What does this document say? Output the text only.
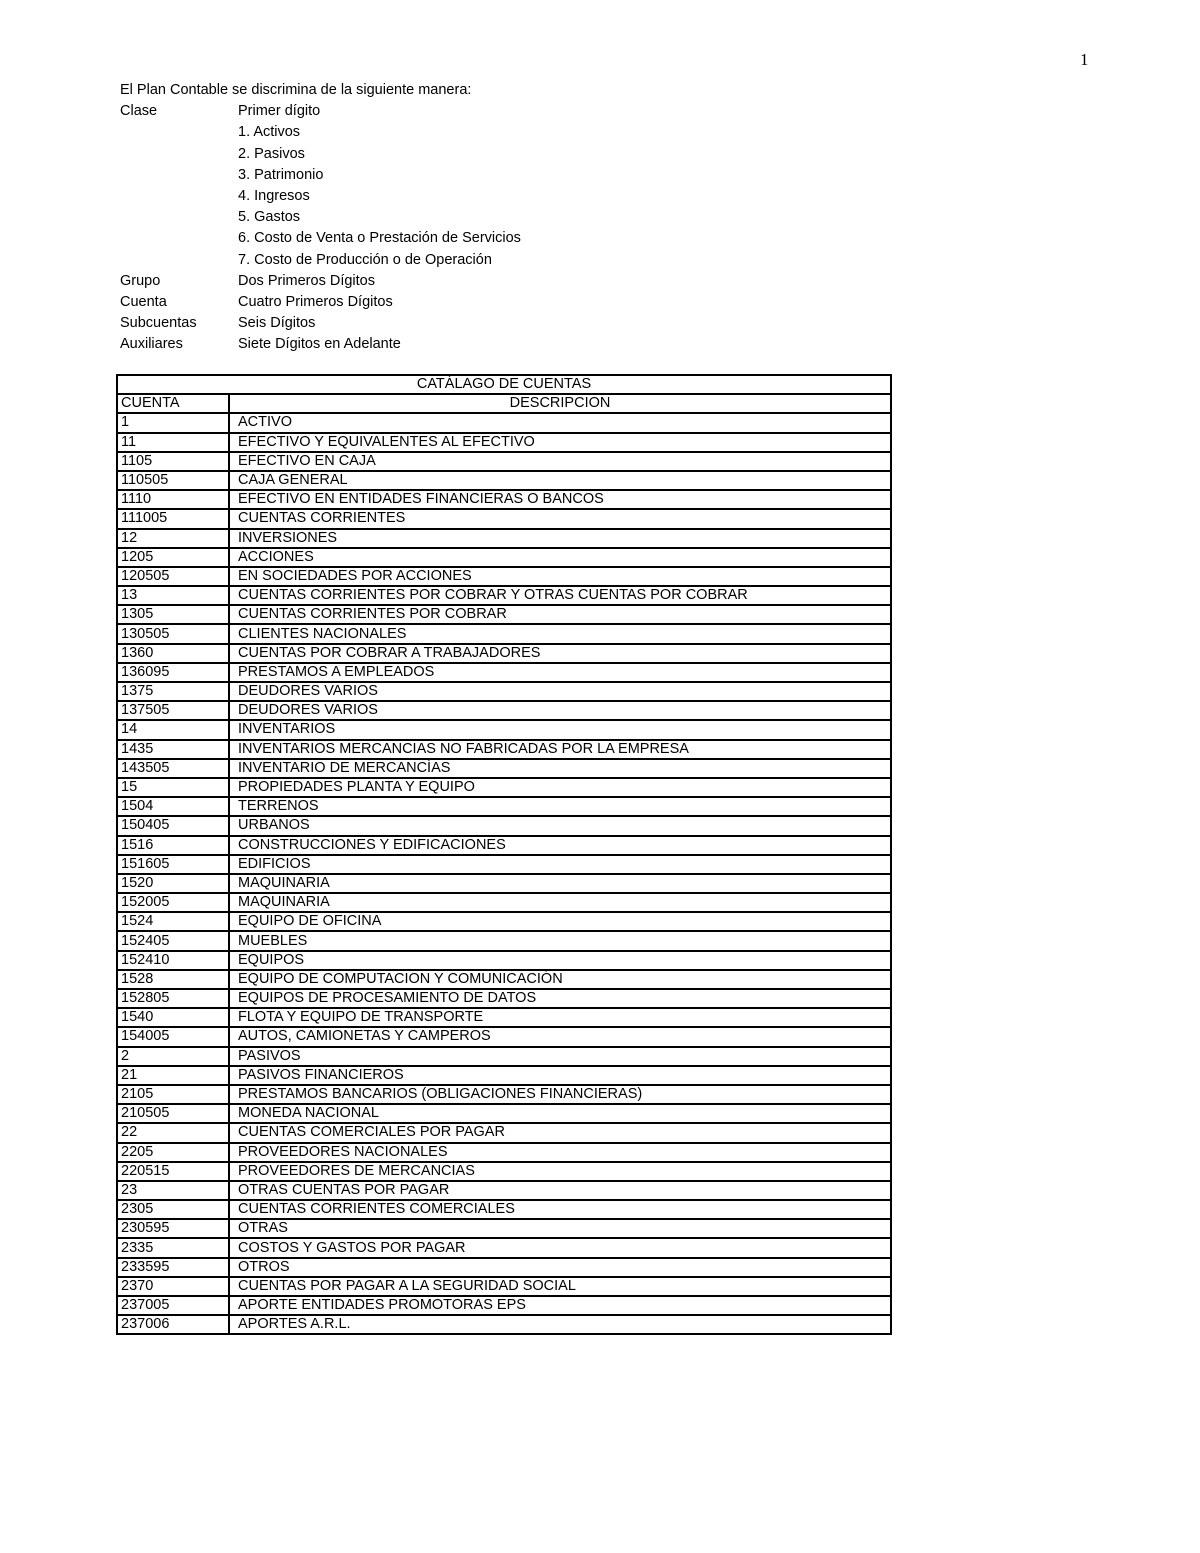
1
El Plan Contable se discrimina de la siguiente manera:
Clase	Primer dígito
1. Activos
2. Pasivos
3. Patrimonio
4. Ingresos
5. Gastos
6. Costo de Venta o Prestación de Servicios
7. Costo de Producción o de Operación
Grupo	Dos Primeros Dígitos
Cuenta	Cuatro Primeros Dígitos
Subcuentas	Seis Dígitos
Auxiliares	Siete Dígitos en Adelante
CATÁLAGO DE CUENTAS	
CUENTA	DESCRIPCION
1	ACTIVO
11	EFECTIVO Y EQUIVALENTES AL EFECTIVO
1105	EFECTIVO EN CAJA
110505	CAJA GENERAL
1110	EFECTIVO EN ENTIDADES FINANCIERAS O BANCOS
111005	CUENTAS CORRIENTES
12	INVERSIONES
1205	ACCIONES
120505	EN SOCIEDADES POR ACCIONES
13	CUENTAS CORRIENTES POR COBRAR Y OTRAS CUENTAS POR COBRAR
1305	CUENTAS CORRIENTES POR COBRAR
130505	CLIENTES NACIONALES
1360	CUENTAS POR COBRAR A TRABAJADORES
136095	PRESTAMOS A EMPLEADOS
1375	DEUDORES VARIOS
137505	DEUDORES VARIOS
14	INVENTARIOS
1435	INVENTARIOS MERCANCIAS NO FABRICADAS POR LA EMPRESA
143505	INVENTARIO DE MERCANCÍAS
15	PROPIEDADES PLANTA Y EQUIPO
1504	TERRENOS
150405	URBANOS
1516	CONSTRUCCIONES Y EDIFICACIONES
151605	EDIFICIOS
1520	MAQUINARIA
152005	MAQUINARIA
1524	EQUIPO DE OFICINA
152405	MUEBLES
152410	EQUIPOS
1528	EQUIPO DE COMPUTACION Y COMUNICACIÓN
152805	EQUIPOS DE PROCESAMIENTO DE DATOS
1540	FLOTA Y EQUIPO DE TRANSPORTE
154005	AUTOS, CAMIONETAS Y CAMPEROS
2	PASIVOS
21	PASIVOS FINANCIEROS
2105	PRESTAMOS BANCARIOS (OBLIGACIONES FINANCIERAS)
210505	MONEDA NACIONAL
22	CUENTAS COMERCIALES POR PAGAR
2205	PROVEEDORES NACIONALES
220515	PROVEEDORES DE MERCANCIAS
23	OTRAS CUENTAS POR PAGAR
2305	CUENTAS CORRIENTES COMERCIALES
230595	OTRAS
2335	COSTOS Y GASTOS POR PAGAR
233595	OTROS
2370	CUENTAS POR PAGAR A LA SEGURIDAD SOCIAL
237005	APORTE ENTIDADES PROMOTORAS EPS
237006	APORTES A.R.L.
